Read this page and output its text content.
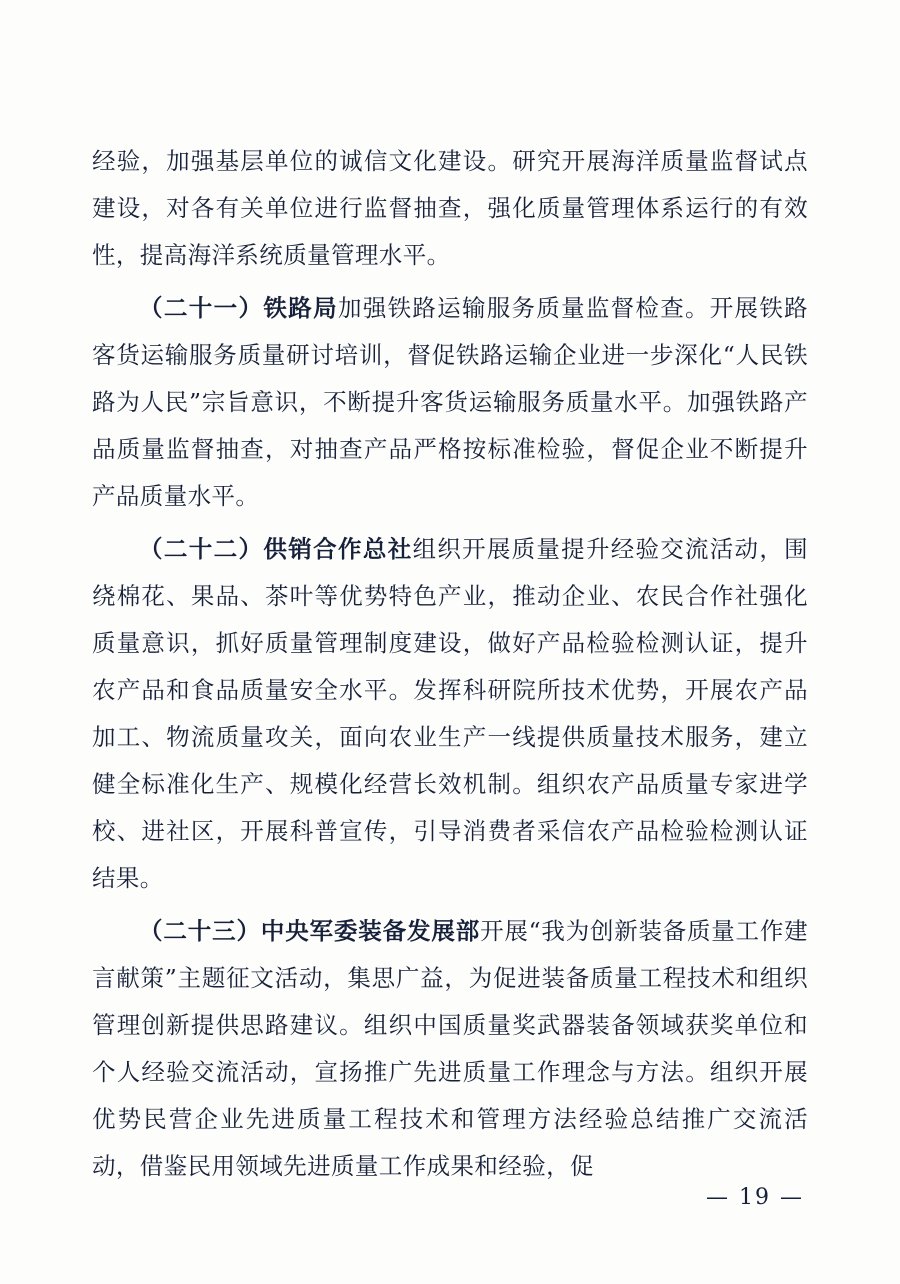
经验，加强基层单位的诚信文化建设。研究开展海洋质量监督试点建设，对各有关单位进行监督抽查，强化质量管理体系运行的有效性，提高海洋系统质量管理水平。

（二十一）铁路局加强铁路运输服务质量监督检查。开展铁路客货运输服务质量研讨培训，督促铁路运输企业进一步深化“人民铁路为人民”宗旨意识，不断提升客货运输服务质量水平。加强铁路产品质量监督抽查，对抽查产品严格按标准检验，督促企业不断提升产品质量水平。

（二十二）供销合作总社组织开展质量提升经验交流活动，围绕棉花、果品、茶叶等优势特色产业，推动企业、农民合作社强化质量意识，抓好质量管理制度建设，做好产品检验检测认证，提升农产品和食品质量安全水平。发挥科研院所技术优势，开展农产品加工、物流质量攻关，面向农业生产一线提供质量技术服务，建立健全标准化生产、规模化经营长效机制。组织农产品质量专家进学校、进社区，开展科普宣传，引导消费者采信农产品检验检测认证结果。

（二十三）中央军委装备发展部开展“我为创新装备质量工作建言献策”主题征文活动，集思广益，为促进装备质量工程技术和组织管理创新提供思路建议。组织中国质量奖武器装备领域获奖单位和个人经验交流活动，宣扬推广先进质量工作理念与方法。组织开展优势民营企业先进质量工程技术和管理方法经验总结推广交流活动，借鉴民用领域先进质量工作成果和经验，促

— 19 —
